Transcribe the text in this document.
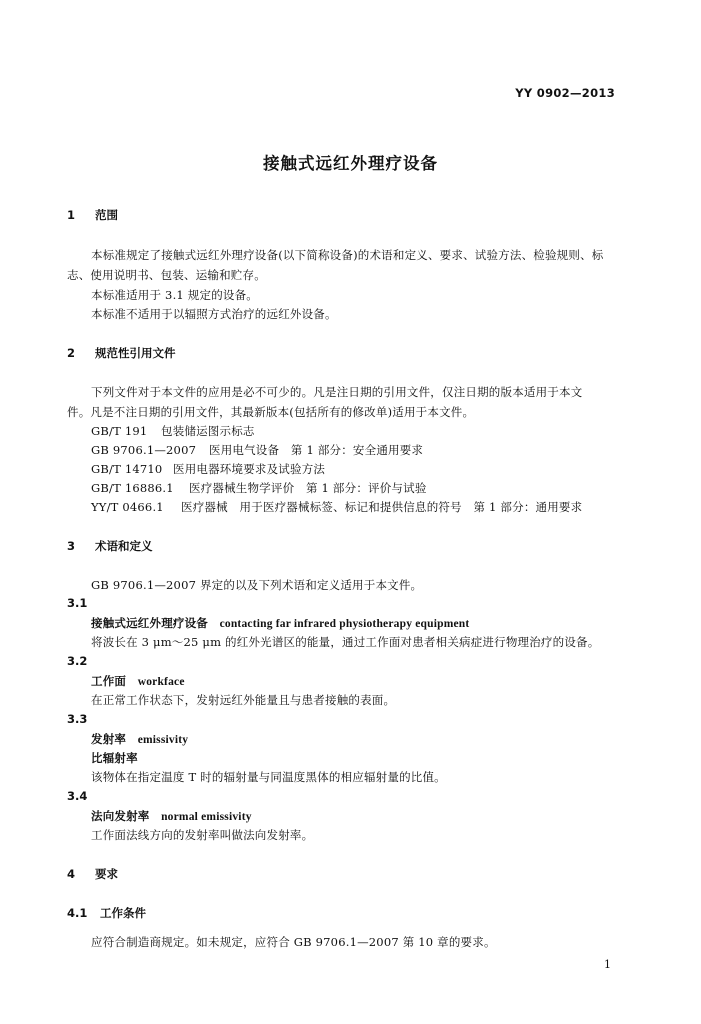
YY 0902—2013
接触式远红外理疗设备
1 范围
本标准规定了接触式远红外理疗设备(以下简称设备)的术语和定义、要求、试验方法、检验规则、标
志、使用说明书、包装、运输和贮存。
本标准适用于 3.1 规定的设备。
本标准不适用于以辐照方式治疗的远红外设备。
2 规范性引用文件
下列文件对于本文件的应用是必不可少的。凡是注日期的引用文件，仅注日期的版本适用于本文
件。凡是不注日期的引用文件，其最新版本(包括所有的修改单)适用于本文件。
GB/T 191 包装储运图示标志
GB 9706.1—2007 医用电气设备　第 1 部分：安全通用要求
GB/T 14710 医用电器环境要求及试验方法
GB/T 16886.1 医疗器械生物学评价　第 1 部分：评价与试验
YY/T 0466.1 医疗器械　用于医疗器械标签、标记和提供信息的符号　第 1 部分：通用要求
3 术语和定义
GB 9706.1—2007 界定的以及下列术语和定义适用于本文件。
3.1
接触式远红外理疗设备 contacting far infrared physiotherapy equipment
将波长在 3 μm～25 μm 的红外光谱区的能量，通过工作面对患者相关病症进行物理治疗的设备。
3.2
工作面 workface
在正常工作状态下，发射远红外能量且与患者接触的表面。
3.3
发射率 emissivity
比辐射率
该物体在指定温度 T 时的辐射量与同温度黑体的相应辐射量的比值。
3.4
法向发射率 normal emissivity
工作面法线方向的发射率叫做法向发射率。
4 要求
4.1 工作条件
应符合制造商规定。如未规定，应符合 GB 9706.1—2007 第 10 章的要求。
1
